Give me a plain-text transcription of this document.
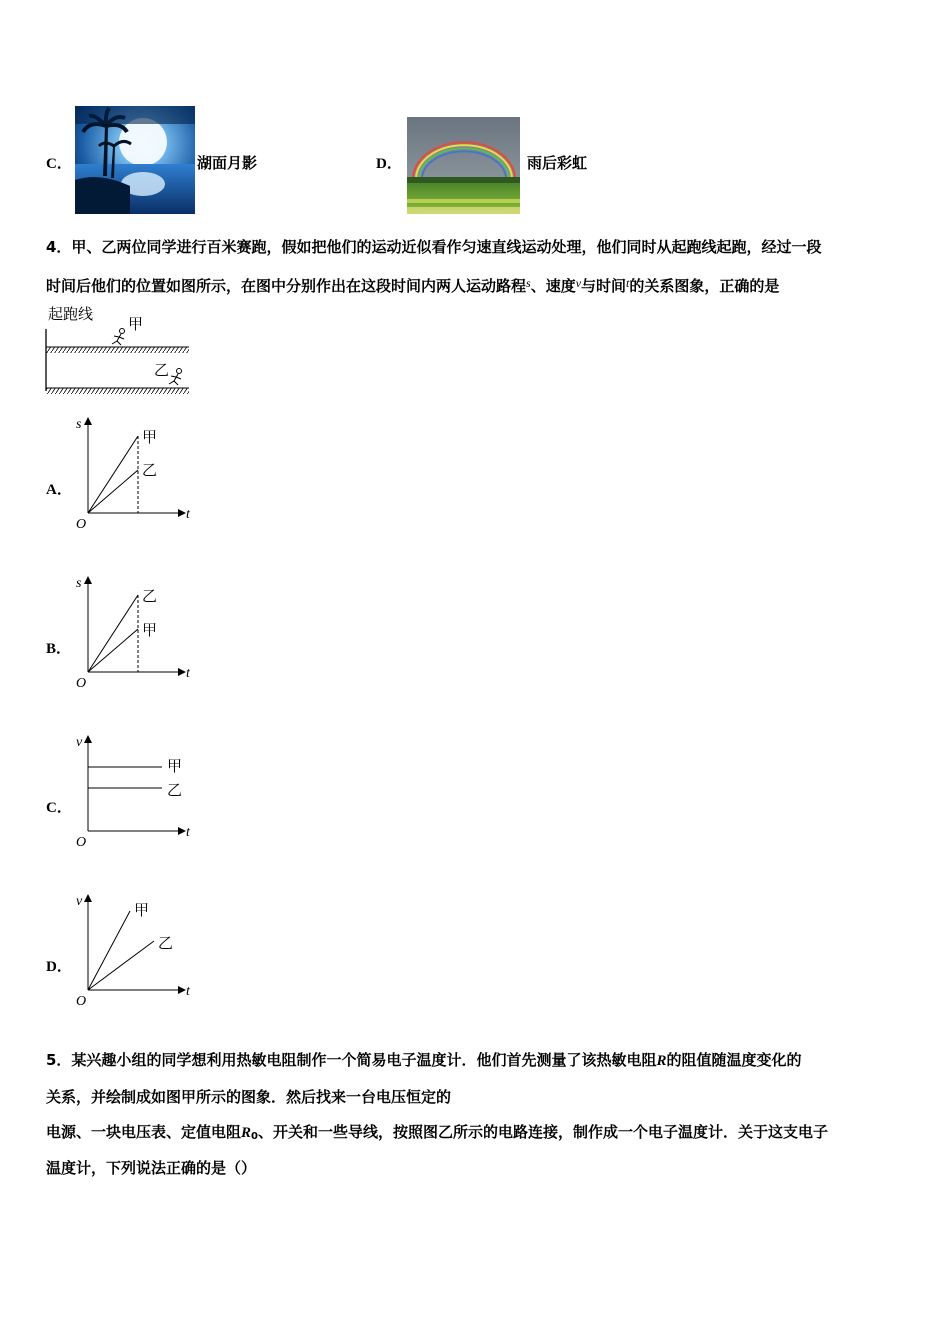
C．	湖面月影	D．	雨后彩虹
4．甲、乙两位同学进行百米赛跑，假如把他们的运动近似看作匀速直线运动处理，他们同时从起跑线起跑，经过一段
时间后他们的位置如图所示，在图中分别作出在这段时间内两人运动路程$^s$、速度$^v$与时间$^t$的关系图象，正确的是
起跑线
甲
乙
A．
s
t
O
甲
乙
B．
s
t
O
乙
甲
C．
v
t
O
甲
乙
D．
v
t
O
甲
乙
5．某兴趣小组的同学想利用热敏电阻制作一个简易电子温度计．他们首先测量了该热敏电阻R的阻值随温度变化的
关系，并绘制成如图甲所示的图象．然后找来一台电压恒定的
电源、一块电压表、定值电阻R0、开关和一些导线，按照图乙所示的电路连接，制作成一个电子温度计．关于这支电子
温度计，下列说法正确的是（）
